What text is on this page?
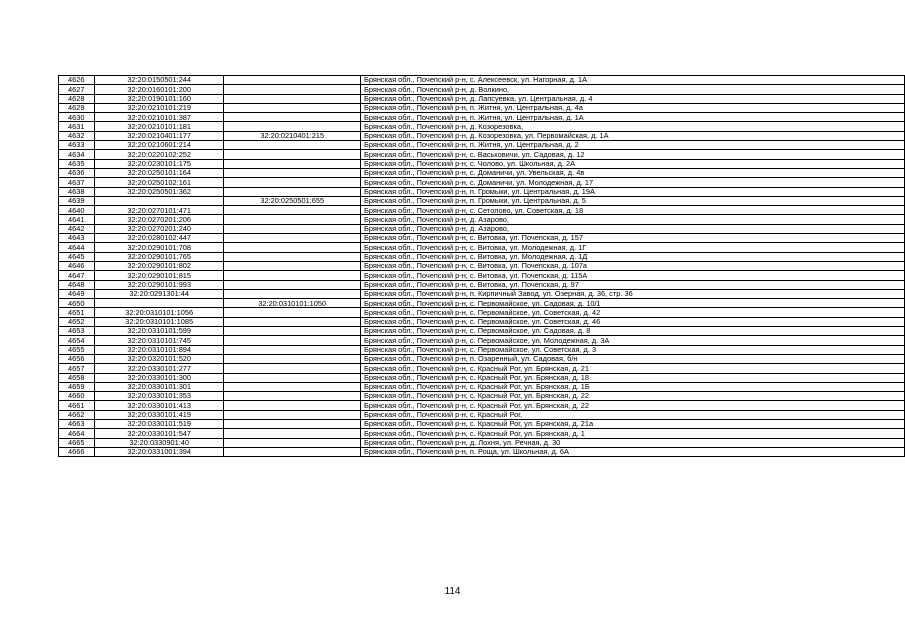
4626	32:20:0150501:244		Брянская обл., Почепский р-н, с. Алексеевск, ул. Нагорная, д. 1А
4627	32:20:0160101:200		Брянская обл., Почепский р-н, д. Волкино,
4628	32:20:0190101:160		Брянская обл., Почепский р-н, д. Лапсуевка, ул. Центральная, д. 4
4629	32:20:0210101:219		Брянская обл., Почепский р-н, п. Житня, ул. Центральная, д. 4а
4630	32:20:0210101:387		Брянская обл., Почепский р-н, п. Житня, ул. Центральная, д. 1А
4631	32:20:0210101:181		Брянская обл., Почепский р-н, д. Козорезовка,
4632	32:20:0210401:177	32:20:0210401:215	Брянская обл., Почепский р-н, д. Козорезовка, ул. Первомайская, д. 1А
4633	32:20:0210601:214		Брянская обл., Почепский р-н, п. Житня, ул. Центральная, д. 2
4634	32:20:0220102:252		Брянская обл., Почепский р-н, с. Васьковичи, ул. Садовая, д. 12
4635	32:20:0230101:175		Брянская обл., Почепский р-н, с. Чолово, ул. Школьная, д. 2А
4636	32:20:0250101:164		Брянская обл., Почепский р-н, с. Доманичи, ул. Увельская, д. 4в
4637	32:20:0250102:161		Брянская обл., Почепский р-н, с. Доманичи, ул. Молодежная, д. 17
4638	32:20:0250501:362		Брянская обл., Почепский р-н, п. Громыки, ул. Центральная, д. 19А
4639		32:20:0250501:655	Брянская обл., Почепский р-н, п. Громыки, ул. Центральная, д. 5
4640	32:20:0270101:471		Брянская обл., Почепский р-н, с. Сетолово, ул. Советская, д. 18
4641	32:20:0270201:206		Брянская обл., Почепский р-н, д. Азарово,
4642	32:20:0270201:240		Брянская обл., Почепский р-н, д. Азарово,
4643	32:20:0280102:447		Брянская обл., Почепский р-н, с. Витовка, ул. Почепская, д. 157
4644	32:20:0290101:708		Брянская обл., Почепский р-н, с. Витовка, ул. Молодежная, д. 1Г
4645	32:20:0290101:765		Брянская обл., Почепский р-н, с. Витовка, ул. Молодежная, д. 1Д
4646	32:20:0290101:802		Брянская обл., Почепский р-н, с. Витовка, ул. Почепская, д. 107а
4647	32:20:0290101:815		Брянская обл., Почепский р-н, с. Витовка, ул. Почепская, д. 115А
4648	32:20:0290101:993		Брянская обл., Почепский р-н, с. Витовка, ул. Почепская, д. 97
4649	32:20:0291301:44		Брянская обл., Почепский р-н, п. Кирпичный Завод, ул. Озерная, д. 36, стр. 36
4650		32:20:0310101:1050	Брянская обл., Почепский р-н, с. Первомайское, ул. Садовая, д. 10/1
4651	32:20:0310101:1056		Брянская обл., Почепский р-н, с. Первомайское, ул. Советская, д. 42
4652	32:20:0310101:1085		Брянская обл., Почепский р-н, с. Первомайское, ул. Советская, д. 46
4653	32:20:0310101:599		Брянская обл., Почепский р-н, с. Первомайское, ул. Садовая, д. 8
4654	32:20:0310101:745		Брянская обл., Почепский р-н, с. Первомайское, ул. Молодежная, д. 3А
4655	32:20:0310101:894		Брянская обл., Почепский р-н, с. Первомайское, ул. Советская, д. 3
4656	32:20:0320101:520		Брянская обл., Почепский р-н, п. Озаренный, ул. Садовая, б/н
4657	32:20:0330101:277		Брянская обл., Почепский р-н, с. Красный Рог, ул. Брянская, д. 21
4658	32:20:0330101:300		Брянская обл., Почепский р-н, с. Красный Рог, ул. Брянская, д. 18
4659	32:20:0330101:301		Брянская обл., Почепский р-н, с. Красный Рог, ул. Брянская, д. 1Б
4660	32:20:0330101:353		Брянская обл., Почепский р-н, с. Красный Рог, ул. Брянская, д. 22
4661	32:20:0330101:413		Брянская обл., Почепский р-н, с. Красный Рог, ул. Брянская, д. 22
4662	32:20:0330101:419		Брянская обл., Почепский р-н, с. Красный Рог,
4663	32:20:0330101:519		Брянская обл., Почепский р-н, с. Красный Рог, ул. Брянская, д. 21а
4664	32:20:0330101:547		Брянская обл., Почепский р-н, с. Красный Рог, ул. Брянская, д. 1
4665	32:20:0330901:40		Брянская обл., Почепский р-н, д. Лохня, ул. Речная, д. 30
4666	32:20:0331001:394		Брянская обл., Почепский р-н, п. Роща, ул. Школьная, д. 6А
114
